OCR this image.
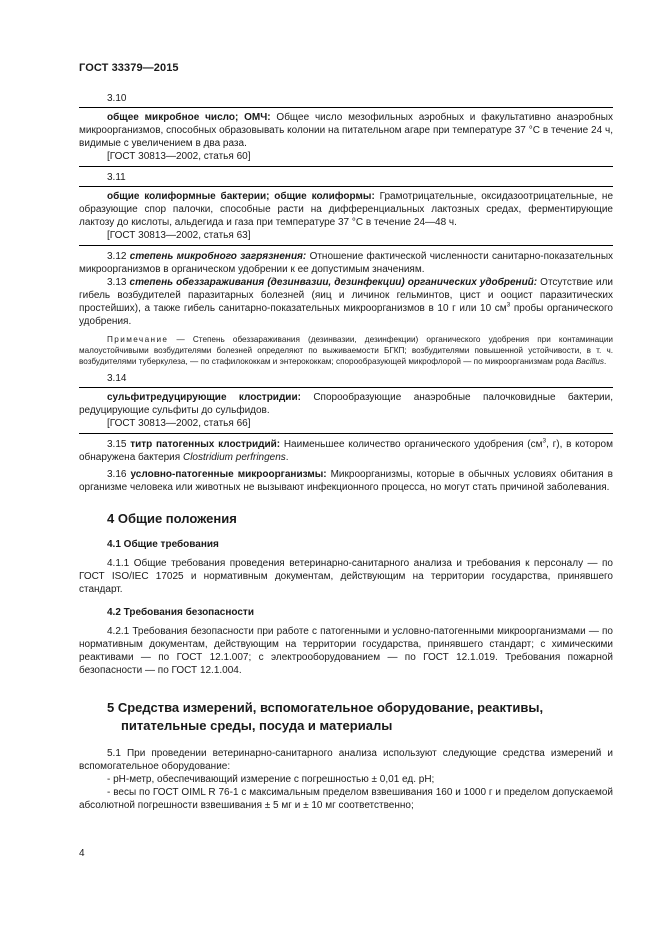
ГОСТ 33379—2015

3.10

общее микробное число; ОМЧ: Общее число мезофильных аэробных и факультативно анаэробных микроорганизмов, способных образовывать колонии на питательном агаре при температуре 37 °С в течение 24 ч, видимые с увеличением в два раза.
[ГОСТ 30813—2002, статья 60]

3.11

общие колиформные бактерии; общие колиформы: Грамотрицательные, оксидазоотрицательные, не образующие спор палочки, способные расти на дифференциальных лактозных средах, ферментирующие лактозу до кислоты, альдегида и газа при температуре 37 °С в течение 24—48 ч.
[ГОСТ 30813—2002, статья 63]

3.12 степень микробного загрязнения: Отношение фактической численности санитарно-показательных микроорганизмов в органическом удобрении к ее допустимым значениям.

3.13 степень обеззараживания (дезинвазии, дезинфекции) органических удобрений: Отсутствие или гибель возбудителей паразитарных болезней (яиц и личинок гельминтов, цист и ооцист паразитических простейших), а также гибель санитарно-показательных микроорганизмов в 10 г или 10 $см^3$ пробы органического удобрения.

Примечание — Степень обеззараживания (дезинвазии, дезинфекции) органического удобрения при контаминации малоустойчивыми возбудителями болезней определяют по выживаемости БГКП; возбудителями повышенной устойчивости, в т. ч. возбудителями туберкулеза, — по стафилококкам и энтерококкам; спорообразующей микрофлорой — по микроорганизмам рода Bacillus.

3.14

сульфитредуцирующие клостридии: Спорообразующие анаэробные палочковидные бактерии, редуцирующие сульфиты до сульфидов.
[ГОСТ 30813—2002, статья 66]

3.15 титр патогенных клостридий: Наименьшее количество органического удобрения ($см^3$, г), в котором обнаружена бактерия Clostridium perfringens.

3.16 условно-патогенные микроорганизмы: Микроорганизмы, которые в обычных условиях обитания в организме человека или животных не вызывают инфекционного процесса, но могут стать причиной заболевания.

4 Общие положения
4.1 Общие требования

4.1.1 Общие требования проведения ветеринарно-санитарного анализа и требования к персоналу — по ГОСТ ISO/IEC 17025 и нормативным документам, действующим на территории государства, принявшего стандарт.

4.2 Требования безопасности

4.2.1 Требования безопасности при работе с патогенными и условно-патогенными микроорганизмами — по нормативным документам, действующим на территории государства, принявшего стандарт; с химическими реактивами — по ГОСТ 12.1.007; с электрооборудованием — по ГОСТ 12.1.019. Требования пожарной безопасности — по ГОСТ 12.1.004.

5 Средства измерений, вспомогательное оборудование, реактивы,
питательные среды, посуда и материалы

5.1 При проведении ветеринарно-санитарного анализа используют следующие средства измерений и вспомогательное оборудование:

- рН-метр, обеспечивающий измерение с погрешностью ± 0,01 ед. рН;

- весы по ГОСТ OIML R 76-1 с максимальным пределом взвешивания 160 и 1000 г и пределом допускаемой абсолютной погрешности взвешивания ± 5 мг и ± 10 мг соответственно;

4
